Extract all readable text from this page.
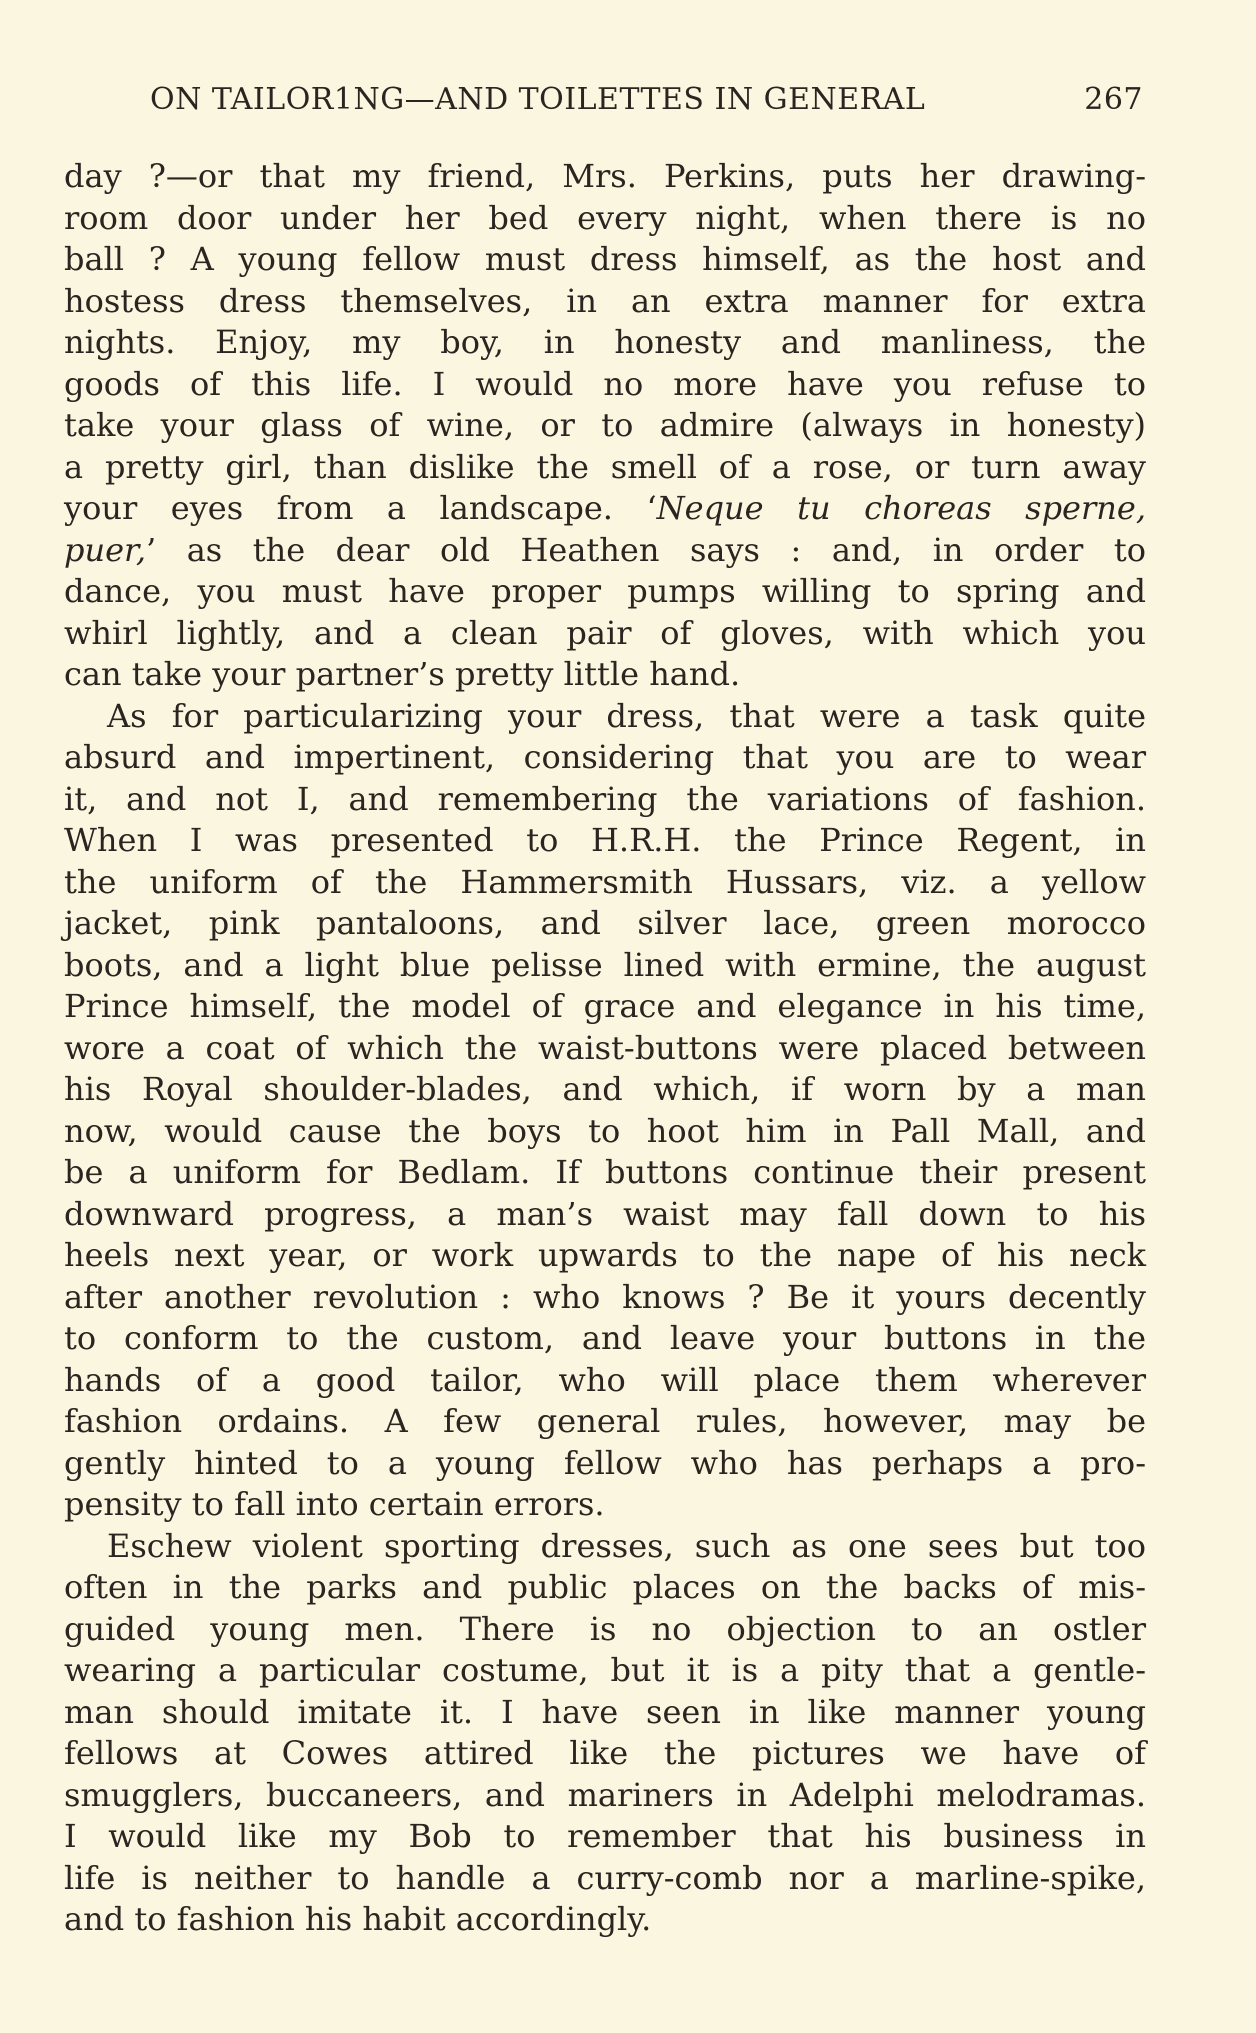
ON TAILOR1NG—AND TOILETTES IN GENERAL	267
day ?—or that my friend, Mrs. Perkins, puts her drawing-
room door under her bed every night, when there is no
ball ? A young fellow must dress himself, as the host and
hostess dress themselves, in an extra manner for extra
nights. Enjoy, my boy, in honesty and manliness, the
goods of this life. I would no more have you refuse to
take your glass of wine, or to admire (always in honesty)
a pretty girl, than dislike the smell of a rose, or turn away
your eyes from a landscape. ‘Neque tu choreas sperne,
puer,’ as the dear old Heathen says : and, in order to
dance, you must have proper pumps willing to spring and
whirl lightly, and a clean pair of gloves, with which you
can take your partner’s pretty little hand.
As for particularizing your dress, that were a task quite
absurd and impertinent, considering that you are to wear
it, and not I, and remembering the variations of fashion.
When I was presented to H.R.H. the Prince Regent, in
the uniform of the Hammersmith Hussars, viz. a yellow
jacket, pink pantaloons, and silver lace, green morocco
boots, and a light blue pelisse lined with ermine, the august
Prince himself, the model of grace and elegance in his time,
wore a coat of which the waist-buttons were placed between
his Royal shoulder-blades, and which, if worn by a man
now, would cause the boys to hoot him in Pall Mall, and
be a uniform for Bedlam. If buttons continue their present
downward progress, a man’s waist may fall down to his
heels next year, or work upwards to the nape of his neck
after another revolution : who knows ? Be it yours decently
to conform to the custom, and leave your buttons in the
hands of a good tailor, who will place them wherever
fashion ordains. A few general rules, however, may be
gently hinted to a young fellow who has perhaps a pro-
pensity to fall into certain errors.
Eschew violent sporting dresses, such as one sees but too
often in the parks and public places on the backs of mis-
guided young men. There is no objection to an ostler
wearing a particular costume, but it is a pity that a gentle-
man should imitate it. I have seen in like manner young
fellows at Cowes attired like the pictures we have of
smugglers, buccaneers, and mariners in Adelphi melodramas.
I would like my Bob to remember that his business in
life is neither to handle a curry-comb nor a marline-spike,
and to fashion his habit accordingly.
